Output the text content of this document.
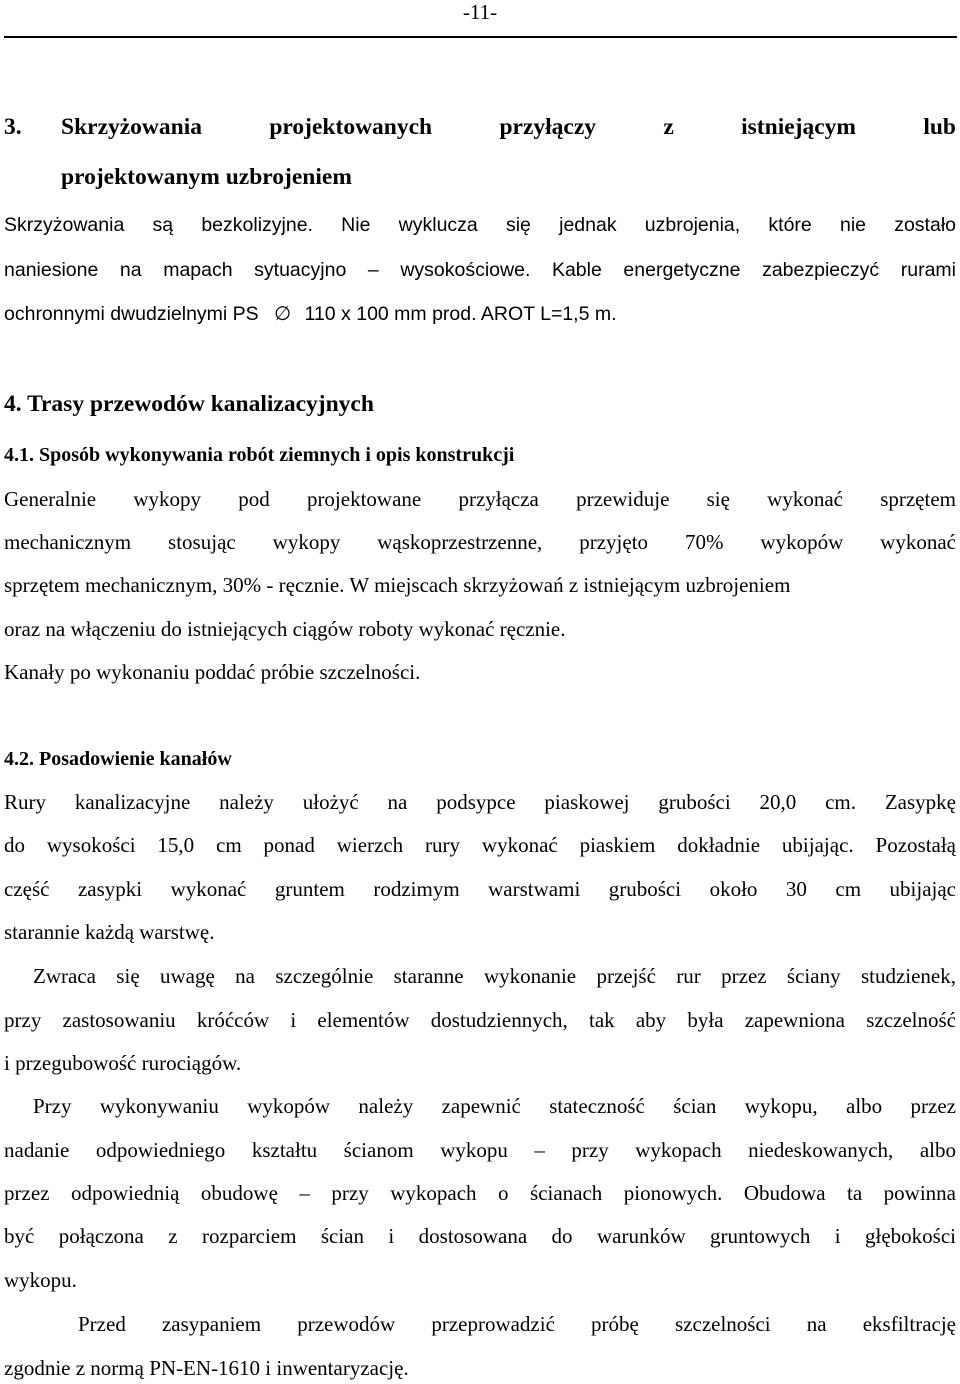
-11-
3. Skrzyżowania projektowanych przyłączy z istniejącym lub
projektowanym uzbrojeniem
Skrzyżowania są bezkolizyjne. Nie wyklucza się jednak uzbrojenia, które nie zostało
naniesione na mapach sytuacyjno – wysokościowe. Kable energetyczne zabezpieczyć rurami
ochronnymi dwudzielnymi PS ∅ 110 x 100 mm prod. AROT L=1,5 m.
4. Trasy przewodów kanalizacyjnych
4.1. Sposób wykonywania robót ziemnych i opis konstrukcji
Generalnie wykopy pod projektowane przyłącza przewiduje się wykonać sprzętem
mechanicznym stosując wykopy wąskoprzestrzenne, przyjęto 70% wykopów wykonać
sprzętem mechanicznym, 30% - ręcznie. W miejscach skrzyżowań z istniejącym uzbrojeniem
oraz na włączeniu do istniejących ciągów roboty wykonać ręcznie.
Kanały po wykonaniu poddać próbie szczelności.
4.2. Posadowienie kanałów
Rury kanalizacyjne należy ułożyć na podsypce piaskowej grubości 20,0 cm. Zasypkę
do wysokości 15,0 cm ponad wierzch rury wykonać piaskiem dokładnie ubijając. Pozostałą
część zasypki wykonać gruntem rodzimym warstwami grubości około 30 cm ubijając
starannie każdą warstwę.
Zwraca się uwagę na szczególnie staranne wykonanie przejść rur przez ściany studzienek,
przy zastosowaniu króćców i elementów dostudziennych, tak aby była zapewniona szczelność
i przegubowość rurociągów.
Przy wykonywaniu wykopów należy zapewnić stateczność ścian wykopu, albo przez
nadanie odpowiedniego kształtu ścianom wykopu – przy wykopach niedeskowanych, albo
przez odpowiednią obudowę – przy wykopach o ścianach pionowych. Obudowa ta powinna
być połączona z rozparciem ścian i dostosowana do warunków gruntowych i głębokości
wykopu.
Przed zasypaniem przewodów przeprowadzić próbę szczelności na eksfiltrację
zgodnie z normą PN-EN-1610 i inwentaryzację.
